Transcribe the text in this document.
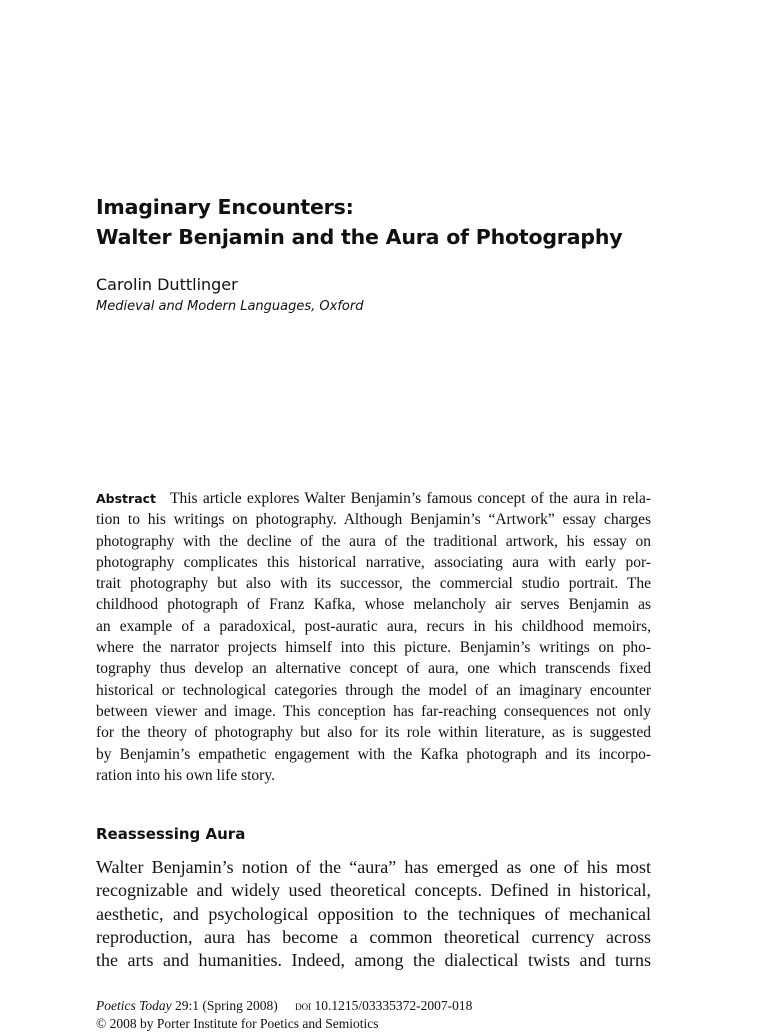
Imaginary Encounters:
Walter Benjamin and the Aura of Photography
Carolin Duttlinger
Medieval and Modern Languages, Oxford
Abstract This article explores Walter Benjamin’s famous concept of the aura in rela-
tion to his writings on photography. Although Benjamin’s “Artwork” essay charges
photography with the decline of the aura of the traditional artwork, his essay on
photography complicates this historical narrative, associating aura with early por-
trait photography but also with its successor, the commercial studio portrait. The
childhood photograph of Franz Kafka, whose melancholy air serves Benjamin as
an example of a paradoxical, post-auratic aura, recurs in his childhood memoirs,
where the narrator projects himself into this picture. Benjamin’s writings on pho-
tography thus develop an alternative concept of aura, one which transcends fixed
historical or technological categories through the model of an imaginary encounter
between viewer and image. This conception has far-reaching consequences not only
for the theory of photography but also for its role within literature, as is suggested
by Benjamin’s empathetic engagement with the Kafka photograph and its incorpo-
ration into his own life story.
Reassessing Aura
Walter Benjamin’s notion of the “aura” has emerged as one of his most
recognizable and widely used theoretical concepts. Defined in historical,
aesthetic, and psychological opposition to the techniques of mechanical
reproduction, aura has become a common theoretical currency across
the arts and humanities. Indeed, among the dialectical twists and turns
Poetics Today 29:1 (Spring 2008) doi 10.1215/03335372-2007-018
© 2008 by Porter Institute for Poetics and Semiotics
